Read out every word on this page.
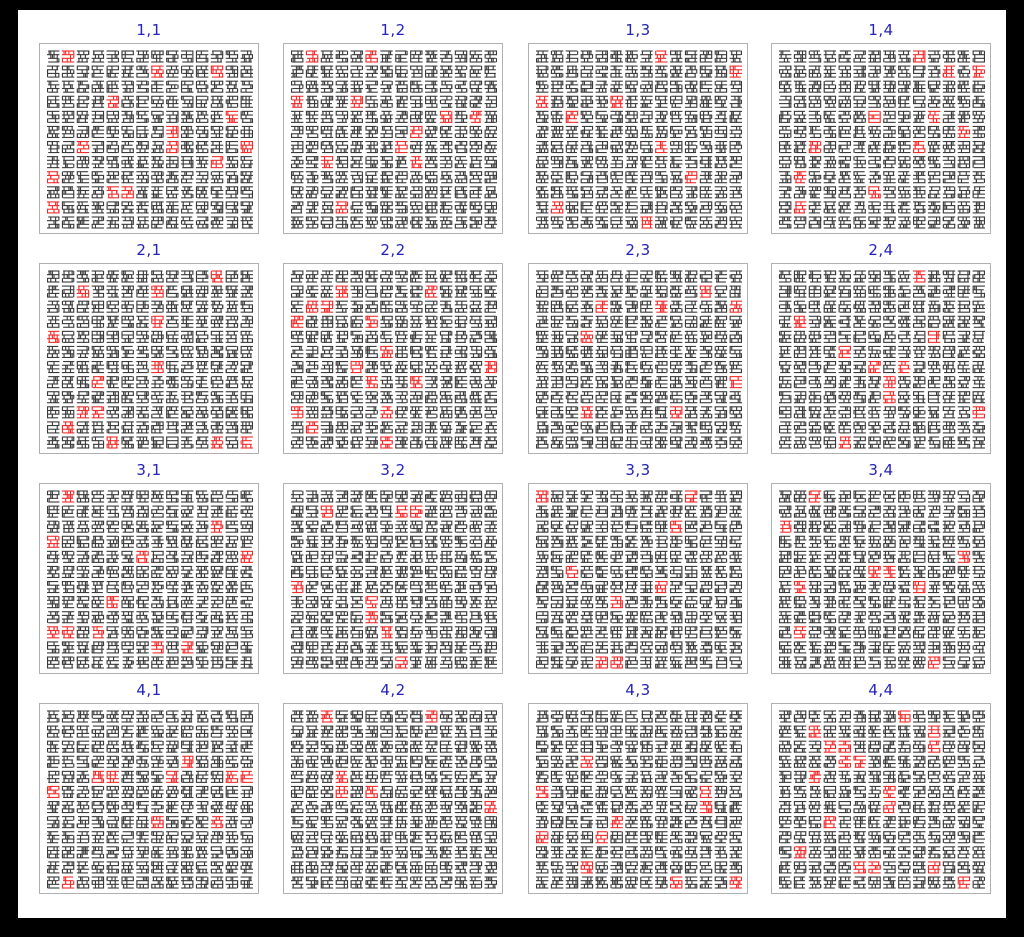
1,1	1,2	1,3	1,4
2,1	2,2	2,3	2,4
3,1	3,2	3,3	3,4
4,1	4,2	4,3	4,4
